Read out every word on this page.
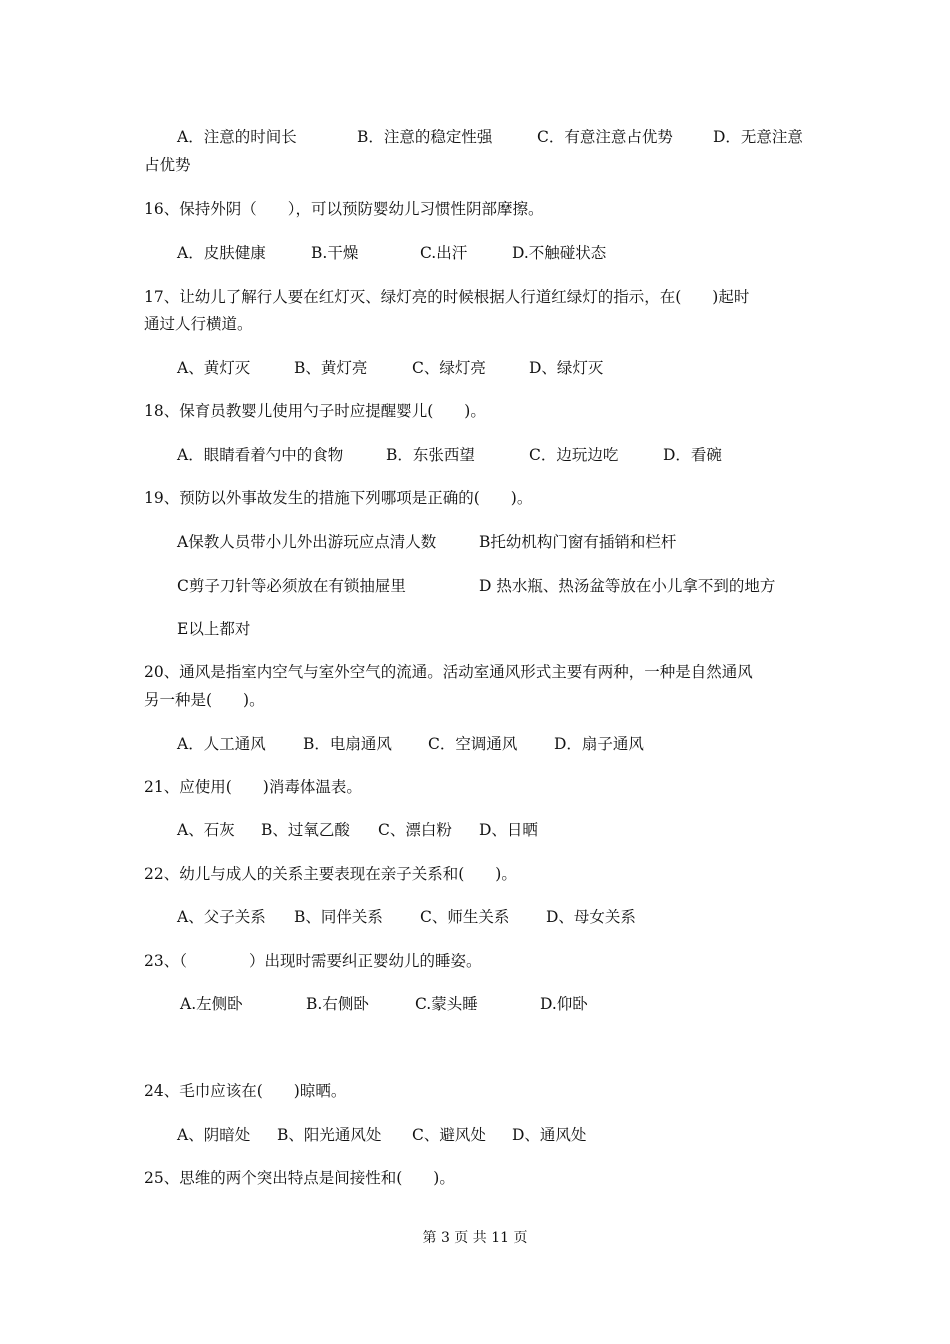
A．注意的时间长	B．注意的稳定性强	C．有意注意占优势	D．无意注意
占优势
16、保持外阴（　　），可以预防婴幼儿习惯性阴部摩擦。
A．皮肤健康	B.干燥	C.出汗	D.不触碰状态
17、让幼儿了解行人要在红灯灭、绿灯亮的时候根据人行道红绿灯的指示，在(　　)起时
通过人行横道。
A、黄灯灭	B、黄灯亮	C、绿灯亮	D、绿灯灭
18、保育员教婴儿使用勺子时应提醒婴儿(　　)。
A．眼睛看着勺中的食物	B．东张西望	C．边玩边吃	D．看碗
19、预防以外事故发生的措施下列哪项是正确的(　　)。
A保教人员带小儿外出游玩应点清人数	B托幼机构门窗有插销和栏杆
C剪子刀针等必须放在有锁抽屉里	D 热水瓶、热汤盆等放在小儿拿不到的地方
E以上都对
20、通风是指室内空气与室外空气的流通。活动室通风形式主要有两种，一种是自然通风
另一种是(　　)。
A．人工通风 B．电扇通风 C．空调通风 D．扇子通风
21、应使用(　　)消毒体温表。
A、石灰 B、过氧乙酸 C、漂白粉 D、日晒
22、幼儿与成人的关系主要表现在亲子关系和(　　)。
A、父子关系 B、同伴关系 C、师生关系 D、母女关系
23、（　　　　）出现时需要纠正婴幼儿的睡姿。
A.左侧卧	B.右侧卧	C.蒙头睡	D.仰卧
24、毛巾应该在(　　)晾晒。
A、阴暗处 B、阳光通风处 C、避风处 D、通风处
25、思维的两个突出特点是间接性和(　　)。
第 3 页 共 11 页
